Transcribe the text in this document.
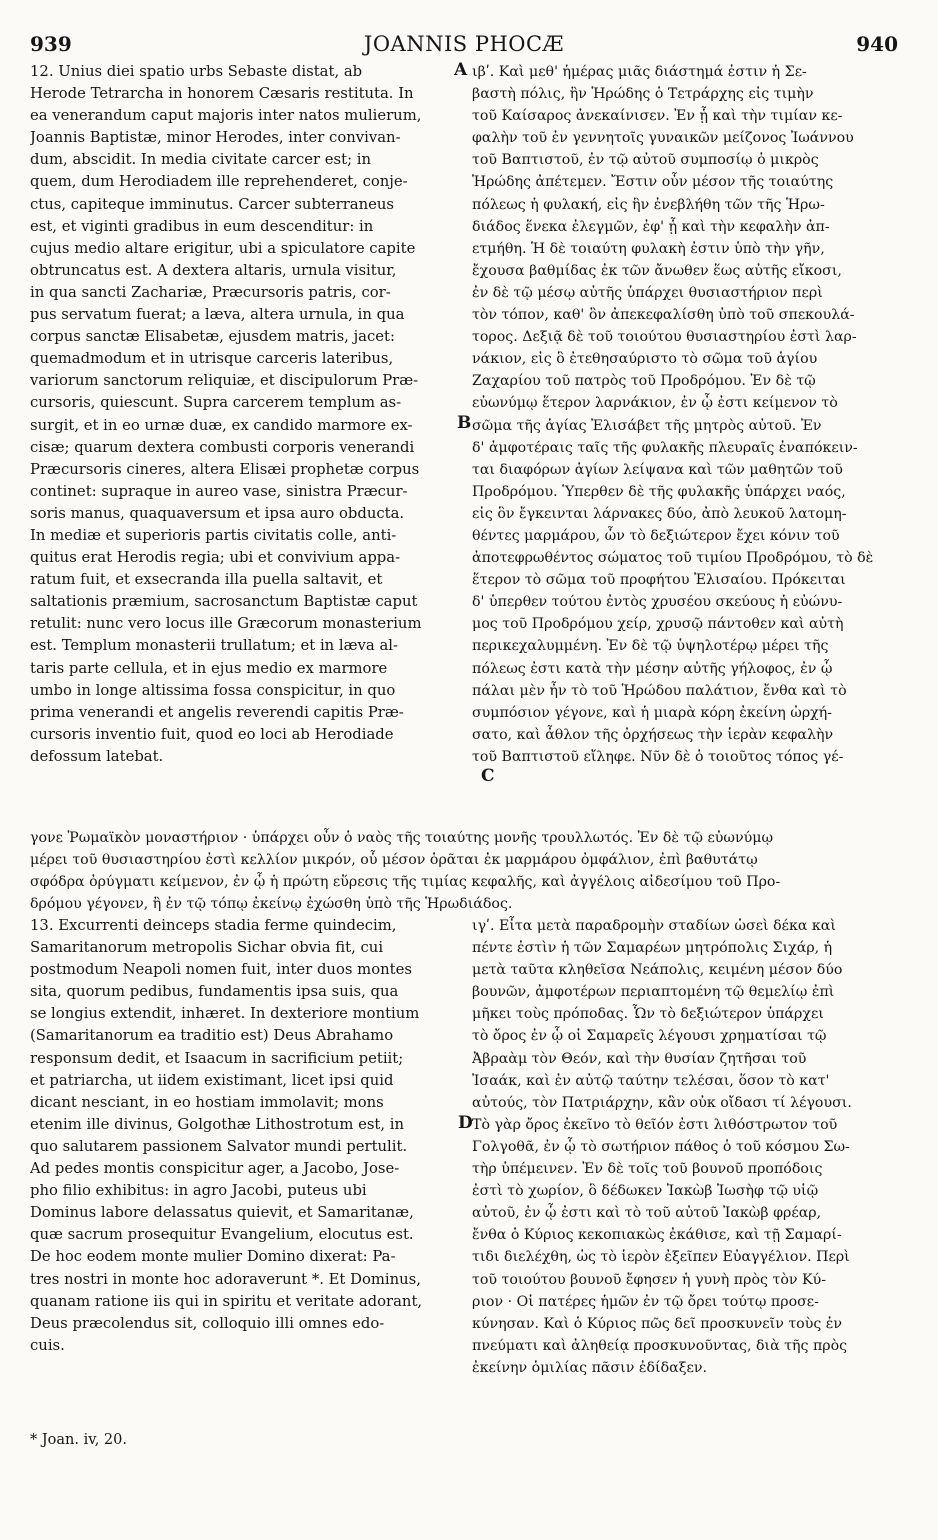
939	JOANNIS PHOCÆ	940
A
B
C
D
12. Unius diei spatio urbs Sebaste distat, ab
Herode Tetrarcha in honorem Cæsaris restituta. In
ea venerandum caput majoris inter natos mulierum,
Joannis Baptistæ, minor Herodes, inter convivan-
dum, abscidit. In media civitate carcer est; in
quem, dum Herodiadem ille reprehenderet, conje-
ctus, capiteque imminutus. Carcer subterraneus
est, et viginti gradibus in eum descenditur: in
cujus medio altare erigitur, ubi a spiculatore capite
obtruncatus est. A dextera altaris, urnula visitur,
in qua sancti Zachariæ, Præcursoris patris, cor-
pus servatum fuerat; a læva, altera urnula, in qua
corpus sanctæ Elisabetæ, ejusdem matris, jacet:
quemadmodum et in utrisque carceris lateribus,
variorum sanctorum reliquiæ, et discipulorum Præ-
cursoris, quiescunt. Supra carcerem templum as-
surgit, et in eo urnæ duæ, ex candido marmore ex-
cisæ; quarum dextera combusti corporis venerandi
Præcursoris cineres, altera Elisæi prophetæ corpus
continet: supraque in aureo vase, sinistra Præcur-
soris manus, quaquaversum et ipsa auro obducta.
In mediæ et superioris partis civitatis colle, anti-
quitus erat Herodis regia; ubi et convivium appa-
ratum fuit, et exsecranda illa puella saltavit, et
saltationis præmium, sacrosanctum Baptistæ caput
retulit: nunc vero locus ille Græcorum monasterium
est. Templum monasterii trullatum; et in læva al-
taris parte cellula, et in ejus medio ex marmore
umbo in longe altissima fossa conspicitur, in quo
prima venerandi et angelis reverendi capitis Præ-
cursoris inventio fuit, quod eo loci ab Herodiade
defossum latebat.
ιβʹ. Καὶ μεθ' ἡμέρας μιᾶς διάστημά ἐστιν ἡ Σε-
βαστὴ πόλις, ἣν Ἡρώδης ὁ Τετράρχης εἰς τιμὴν
τοῦ Καίσαρος ἀνεκαίνισεν. Ἐν ᾗ καὶ τὴν τιμίαν κε-
φαλὴν τοῦ ἐν γεννητοῖς γυναικῶν μείζονος Ἰωάννου
τοῦ Βαπτιστοῦ, ἐν τῷ αὐτοῦ συμποσίῳ ὁ μικρὸς
Ἡρώδης ἀπέτεμεν. Ἔστιν οὖν μέσον τῆς τοιαύτης
πόλεως ἡ φυλακή, εἰς ἣν ἐνεβλήθη τῶν τῆς Ἡρω-
διάδος ἕνεκα ἐλεγμῶν, ἐφ' ᾗ καὶ τὴν κεφαλὴν ἀπ-
ετμήθη. Ἡ δὲ τοιαύτη φυλακὴ ἐστιν ὑπὸ τὴν γῆν,
ἔχουσα βαθμίδας ἐκ τῶν ἄνωθεν ἕως αὐτῆς εἴκοσι,
ἐν δὲ τῷ μέσῳ αὐτῆς ὑπάρχει θυσιαστήριον περὶ
τὸν τόπον, καθ' ὃν ἀπεκεφαλίσθη ὑπὸ τοῦ σπεκουλά-
τορος. Δεξιᾷ δὲ τοῦ τοιούτου θυσιαστηρίου ἐστὶ λαρ-
νάκιον, εἰς ὃ ἐτεθησαύριστο τὸ σῶμα τοῦ ἁγίου
Ζαχαρίου τοῦ πατρὸς τοῦ Προδρόμου. Ἐν δὲ τῷ
εὐωνύμῳ ἕτερον λαρνάκιον, ἐν ᾧ ἐστι κείμενον τὸ
σῶμα τῆς ἁγίας Ἐλισάβετ τῆς μητρὸς αὐτοῦ. Ἐν
δ' ἀμφοτέραις ταῖς τῆς φυλακῆς πλευραῖς ἐναπόκειν-
ται διαφόρων ἁγίων λείψανα καὶ τῶν μαθητῶν τοῦ
Προδρόμου. Ὑπερθεν δὲ τῆς φυλακῆς ὑπάρχει ναός,
εἰς ὃν ἔγκεινται λάρνακες δύο, ἀπὸ λευκοῦ λατομη-
θέντες μαρμάρου, ὧν τὸ δεξιώτερον ἔχει κόνιν τοῦ
ἀποτεφρωθέντος σώματος τοῦ τιμίου Προδρόμου, τὸ δὲ
ἕτερον τὸ σῶμα τοῦ προφήτου Ἐλισαίου. Πρόκειται
δ' ὑπερθεν τούτου ἐντὸς χρυσέου σκεύους ἡ εὐώνυ-
μος τοῦ Προδρόμου χείρ, χρυσῷ πάντοθεν καὶ αὐτὴ
περικεχαλυμμένη. Ἐν δὲ τῷ ὑψηλοτέρῳ μέρει τῆς
πόλεως ἐστι κατὰ τὴν μέσην αὐτῆς γήλοφος, ἐν ᾧ
πάλαι μὲν ἦν τὸ τοῦ Ἡρώδου παλάτιον, ἔνθα καὶ τὸ
συμπόσιον γέγονε, καὶ ἡ μιαρὰ κόρη ἐκείνη ὠρχή-
σατο, καὶ ἆθλον τῆς ὀρχήσεως τὴν ἱερὰν κεφαλὴν
τοῦ Βαπτιστοῦ εἴληφε. Νῦν δὲ ὁ τοιοῦτος τόπος γέ-
γονε Ῥωμαϊκὸν μοναστήριον · ὑπάρχει οὖν ὁ ναὸς τῆς τοιαύτης μονῆς τρουλλωτός. Ἐν δὲ τῷ εὐωνύμῳ
μέρει τοῦ θυσιαστηρίου ἐστὶ κελλίον μικρόν, οὗ μέσον ὁρᾶται ἐκ μαρμάρου ὀμφάλιον, ἐπὶ βαθυτάτῳ
σφόδρα ὀρύγματι κείμενον, ἐν ᾧ ἡ πρώτη εὕρεσις τῆς τιμίας κεφαλῆς, καὶ ἀγγέλοις αἰδεσίμου τοῦ Προ-
δρόμου γέγονεν, ἢ ἐν τῷ τόπῳ ἐκείνῳ ἐχώσθη ὑπὸ τῆς Ἡρωδιάδος.
13. Excurrenti deinceps stadia ferme quindecim,
Samaritanorum metropolis Sichar obvia fit, cui
postmodum Neapoli nomen fuit, inter duos montes
sita, quorum pedibus, fundamentis ipsa suis, qua
se longius extendit, inhæret. In dexteriore montium
(Samaritanorum ea traditio est) Deus Abrahamo
responsum dedit, et Isaacum in sacrificium petiit;
et patriarcha, ut iidem existimant, licet ipsi quid
dicant nesciant, in eo hostiam immolavit; mons
etenim ille divinus, Golgothæ Lithostrotum est, in
quo salutarem passionem Salvator mundi pertulit.
Ad pedes montis conspicitur ager, a Jacobo, Jose-
pho filio exhibitus: in agro Jacobi, puteus ubi
Dominus labore delassatus quievit, et Samaritanæ,
quæ sacrum prosequitur Evangelium, elocutus est.
De hoc eodem monte mulier Domino dixerat: Pa-
tres nostri in monte hoc adoraverunt *. Et Dominus,
quanam ratione iis qui in spiritu et veritate adorant,
Deus præcolendus sit, colloquio illi omnes edo-
cuis.
ιγʹ. Εἶτα μετὰ παραδρομὴν σταδίων ὡσεὶ δέκα καὶ
πέντε ἐστὶν ἡ τῶν Σαμαρέων μητρόπολις Σιχάρ, ἡ
μετὰ ταῦτα κληθεῖσα Νεάπολις, κειμένη μέσον δύο
βουνῶν, ἀμφοτέρων περιαπτομένη τῷ θεμελίῳ ἐπὶ
μῆκει τοὺς πρόποδας. Ὧν τὸ δεξιώτερον ὑπάρχει
τὸ ὄρος ἐν ᾧ οἱ Σαμαρεῖς λέγουσι χρηματίσαι τῷ
Ἀβραὰμ τὸν Θεόν, καὶ τὴν θυσίαν ζητῆσαι τοῦ
Ἰσαάκ, καὶ ἐν αὐτῷ ταύτην τελέσαι, ὅσον τὸ κατ'
αὐτούς, τὸν Πατριάρχην, κἂν οὐκ οἴδασι τί λέγουσι.
Τὸ γὰρ ὄρος ἐκεῖνο τὸ θεῖόν ἐστι λιθόστρωτον τοῦ
Γολγοθᾶ, ἐν ᾧ τὸ σωτήριον πάθος ὁ τοῦ κόσμου Σω-
τὴρ ὑπέμεινεν. Ἐν δὲ τοῖς τοῦ βουνοῦ προπόδοις
ἐστὶ τὸ χωρίον, ὃ δέδωκεν Ἰακὼβ Ἰωσὴφ τῷ υἱῷ
αὐτοῦ, ἐν ᾧ ἐστι καὶ τὸ τοῦ αὐτοῦ Ἰακὼβ φρέαρ,
ἔνθα ὁ Κύριος κεκοπιακὼς ἐκάθισε, καὶ τῇ Σαμαρί-
τιδι διελέχθη, ὡς τὸ ἱερὸν ἐξεῖπεν Εὐαγγέλιον. Περὶ
τοῦ τοιούτου βουνοῦ ἔφησεν ἡ γυνὴ πρὸς τὸν Κύ-
ριον · Οἱ πατέρες ἡμῶν ἐν τῷ ὄρει τούτῳ προσε-
κύνησαν. Καὶ ὁ Κύριος πῶς δεῖ προσκυνεῖν τοὺς ἐν
πνεύματι καὶ ἀληθείᾳ προσκυνοῦντας, διὰ τῆς πρὸς
ἐκείνην ὁμιλίας πᾶσιν ἐδίδαξεν.
* Joan. iv, 20.
